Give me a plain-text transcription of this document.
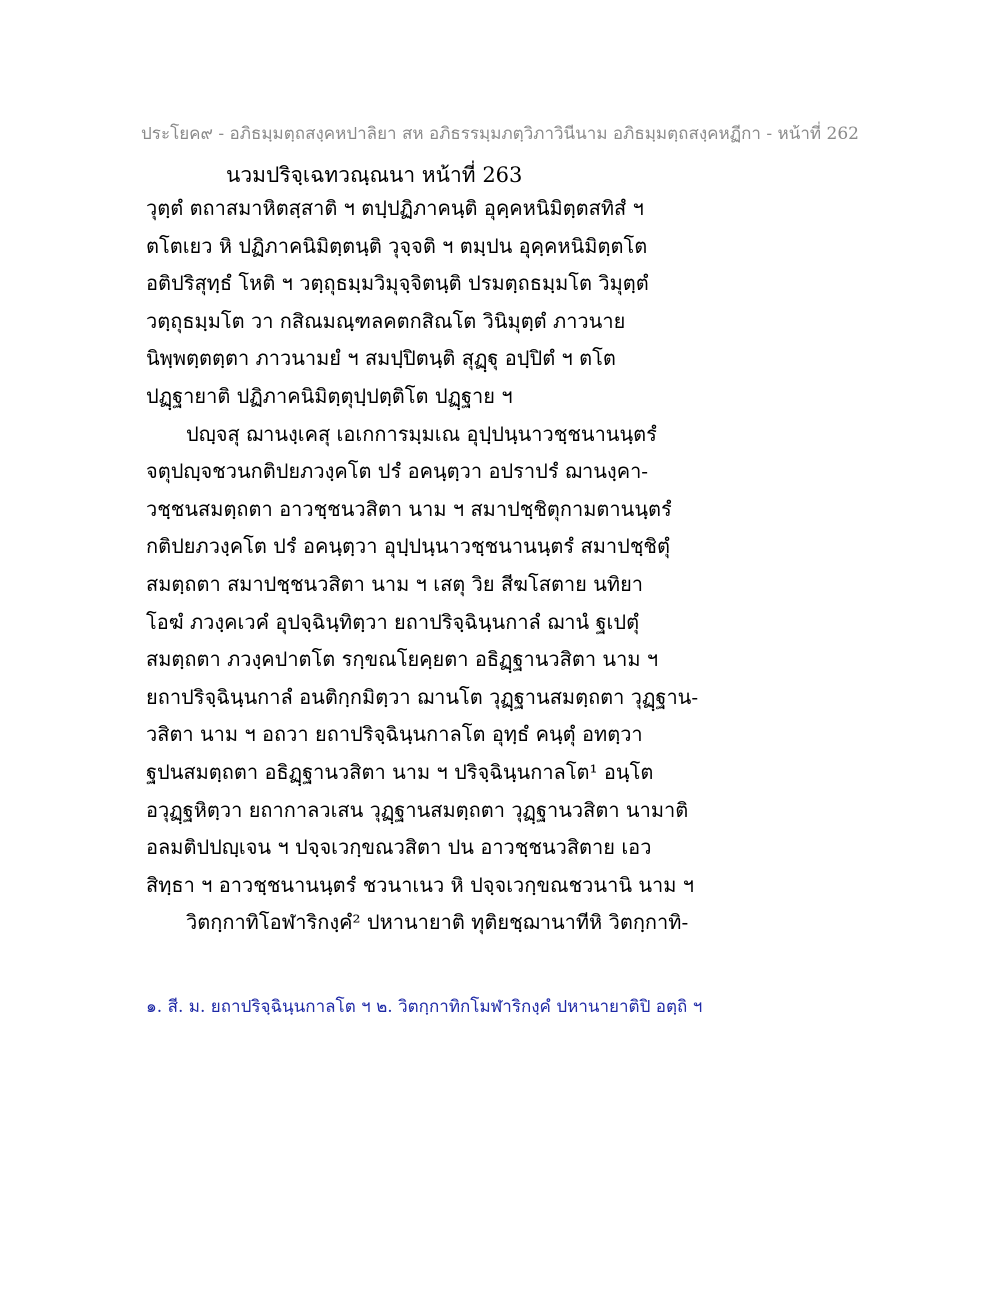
ประโยค๙ - อภิธมฺมตฺถสงฺคหปาลิยา สห อภิธรรมฺมภตฺวิภาวินีนาม อภิธมฺมตฺถสงฺคหฏีกา - หน้าที่ 262
นวมปริจฺเฉทวณฺณนา หน้าที่ 263
วุตฺตํ ตถาสมาหิตสฺสาติ ฯ ตปฺปฏิภาคนฺติ อุคฺคหนิมิตฺตสทิสํ ฯ
ตโตเยว หิ ปฏิภาคนิมิตฺตนฺติ วุจฺจติ ฯ ตมฺปน อุคฺคหนิมิตฺตโต
อติปริสุทฺธํ โหติ ฯ วตฺถุธมฺมวิมุจฺจิตนฺติ ปรมตฺถธมฺมโต วิมุตฺตํ
วตฺถุธมฺมโต วา กสิณมณฺฑลคตกสิณโต วินิมุตฺตํ ภาวนาย
นิพฺพตฺตตฺตา ภาวนามยํ ฯ สมปฺปิตนฺติ สุฏฺฐุ อปฺปิตํ ฯ ตโต
ปฏฺฐายาติ ปฏิภาคนิมิตฺตุปฺปตฺติโต ปฏฺฐาย ฯ
ปญฺจสุ ฌานงฺเคสุ เอเกการมฺมเณ อุปฺปนฺนาวชฺชนานนฺตรํ
จตุปญฺจชวนกติปยภวงฺคโต ปรํ อคนฺตฺวา อปราปรํ ฌานงฺคา-
วชฺชนสมตฺถตา อาวชฺชนวสิตา นาม ฯ สมาปชฺชิตุกามตานนฺตรํ
กติปยภวงฺคโต ปรํ อคนฺตฺวา อุปฺปนฺนาวชฺชนานนฺตรํ สมาปชฺชิตุํ
สมตฺถตา สมาปชฺชนวสิตา นาม ฯ เสตุ วิย สีฆโสตาย นทิยา
โอฆํ ภวงฺคเวคํ อุปจฺฉินฺทิตฺวา ยถาปริจฺฉินฺนกาลํ ฌานํ ฐเปตุํ
สมตฺถตา ภวงฺคปาตโต รกฺขณโยคฺยตา อธิฏฺฐานวสิตา นาม ฯ
ยถาปริจฺฉินฺนกาลํ อนติกฺกมิตฺวา ฌานโต วุฏฺฐานสมตฺถตา วุฏฺฐาน-
วสิตา นาม ฯ อถวา ยถาปริจฺฉินฺนกาลโต อุทฺธํ คนฺตุํ อทตฺวา
ฐปนสมตฺถตา อธิฏฺฐานวสิตา นาม ฯ ปริจฺฉินฺนกาลโต¹ อนฺโต
อวุฏฺฐหิตฺวา ยถากาลวเสน วุฏฺฐานสมตฺถตา วุฏฺฐานวสิตา นามาติ
อลมติปปญฺเจน ฯ ปจฺจเวกฺขณวสิตา ปน อาวชฺชนวสิตาย เอว
สิทฺธา ฯ อาวชฺชนานนฺตรํ ชวนาเนว หิ ปจฺจเวกฺขณชวนานิ นาม ฯ
วิตกฺกาทิโอฬาริกงฺคํ² ปหานายาติ ทุติยชฺฌานาทีหิ วิตกฺกาทิ-
๑. สี. ม. ยถาปริจฺฉินฺนกาลโต ฯ ๒. วิตกฺกาทิกโมฬาริกงฺคํ ปหานายาติปิ อตฺถิ ฯ
